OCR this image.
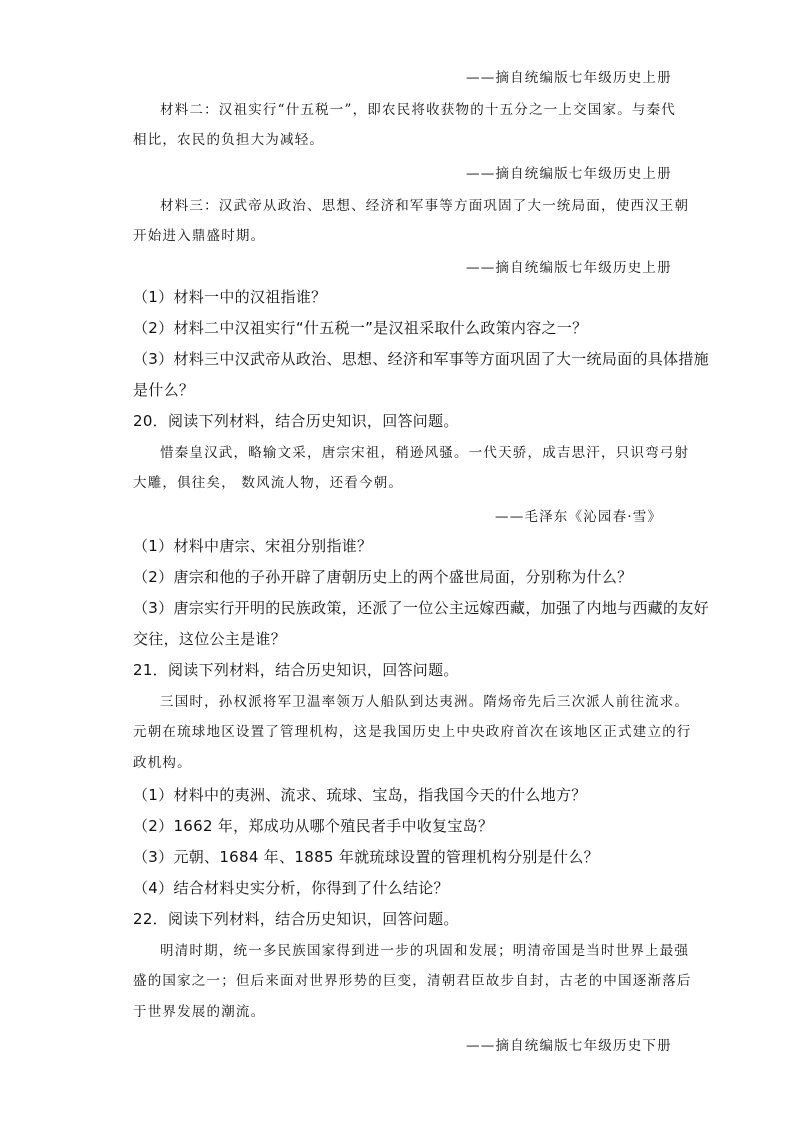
——摘自统编版七年级历史上册

材料二：汉祖实行“什五税一”，即农民将收获物的十五分之一上交国家。与秦代

相比，农民的负担大为减轻。

——摘自统编版七年级历史上册

材料三：汉武帝从政治、思想、经济和军事等方面巩固了大一统局面，使西汉王朝

开始进入鼎盛时期。

——摘自统编版七年级历史上册

（1）材料一中的汉祖指谁？

（2）材料二中汉祖实行“什五税一”是汉祖采取什么政策内容之一？

（3）材料三中汉武帝从政治、思想、经济和军事等方面巩固了大一统局面的具体措施

是什么？

20．阅读下列材料，结合历史知识，回答问题。

惜秦皇汉武，略输文采，唐宗宋祖，稍逊风骚。一代天骄，成吉思汗，只识弯弓射

大雕，俱往矣， 数风流人物，还看今朝。

——毛泽东《沁园春·雪》

（1）材料中唐宗、宋祖分别指谁？

（2）唐宗和他的子孙开辟了唐朝历史上的两个盛世局面，分别称为什么？

（3）唐宗实行开明的民族政策，还派了一位公主远嫁西藏，加强了内地与西藏的友好

交往，这位公主是谁？

21．阅读下列材料，结合历史知识，回答问题。

三国时，孙权派将军卫温率领万人船队到达夷洲。隋炀帝先后三次派人前往流求。

元朝在琉球地区设置了管理机构，这是我国历史上中央政府首次在该地区正式建立的行

政机构。

（1）材料中的夷洲、流求、琉球、宝岛，指我国今天的什么地方？

（2）1662 年，郑成功从哪个殖民者手中收复宝岛？

（3）元朝、1684 年、1885 年就琉球设置的管理机构分别是什么？

（4）结合材料史实分析，你得到了什么结论？

22．阅读下列材料，结合历史知识，回答问题。

明清时期，统一多民族国家得到进一步的巩固和发展；明清帝国是当时世界上最强

盛的国家之一；但后来面对世界形势的巨变，清朝君臣故步自封，古老的中国逐渐落后

于世界发展的潮流。

——摘自统编版七年级历史下册
